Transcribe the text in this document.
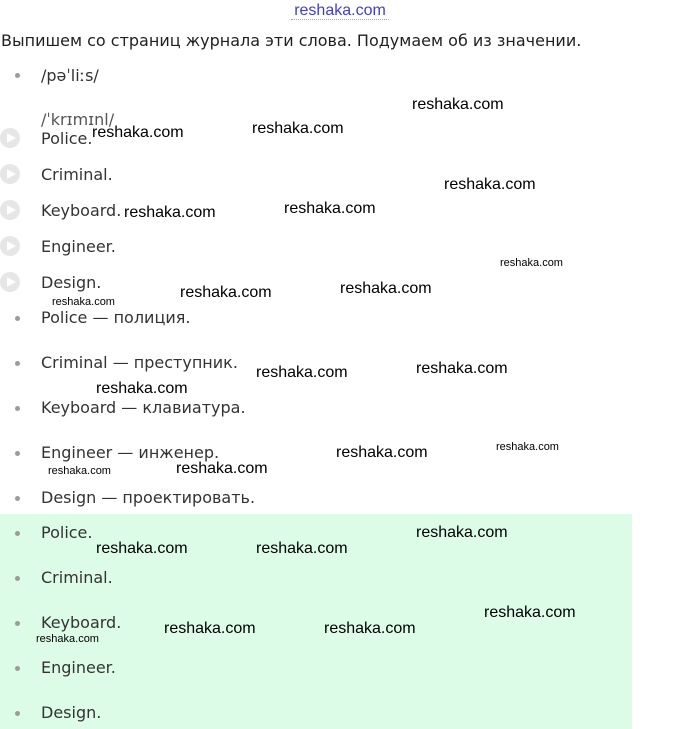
reshaka.com
Выпишем со страниц журнала эти слова. Подумаем об из значении.
/pəˈliːs/
/ˈkrɪmɪnl/
Police.
Criminal.
Keyboard.
Engineer.
Design.
Police — полиция.
Criminal — преступник.
Keyboard — клавиатура.
Engineer — инженер.
Design — проектировать.
Police.
Criminal.
Keyboard.
Engineer.
Design.
reshaka.com
reshaka.com	reshaka.com
reshaka.com
reshaka.com	reshaka.com
reshaka.com
reshaka.com	reshaka.com
reshaka.com
reshaka.com	reshaka.com
reshaka.com
reshaka.com
reshaka.com
reshaka.com
reshaka.com
reshaka.com
reshaka.com	reshaka.com
reshaka.com
reshaka.com	reshaka.com
reshaka.com
